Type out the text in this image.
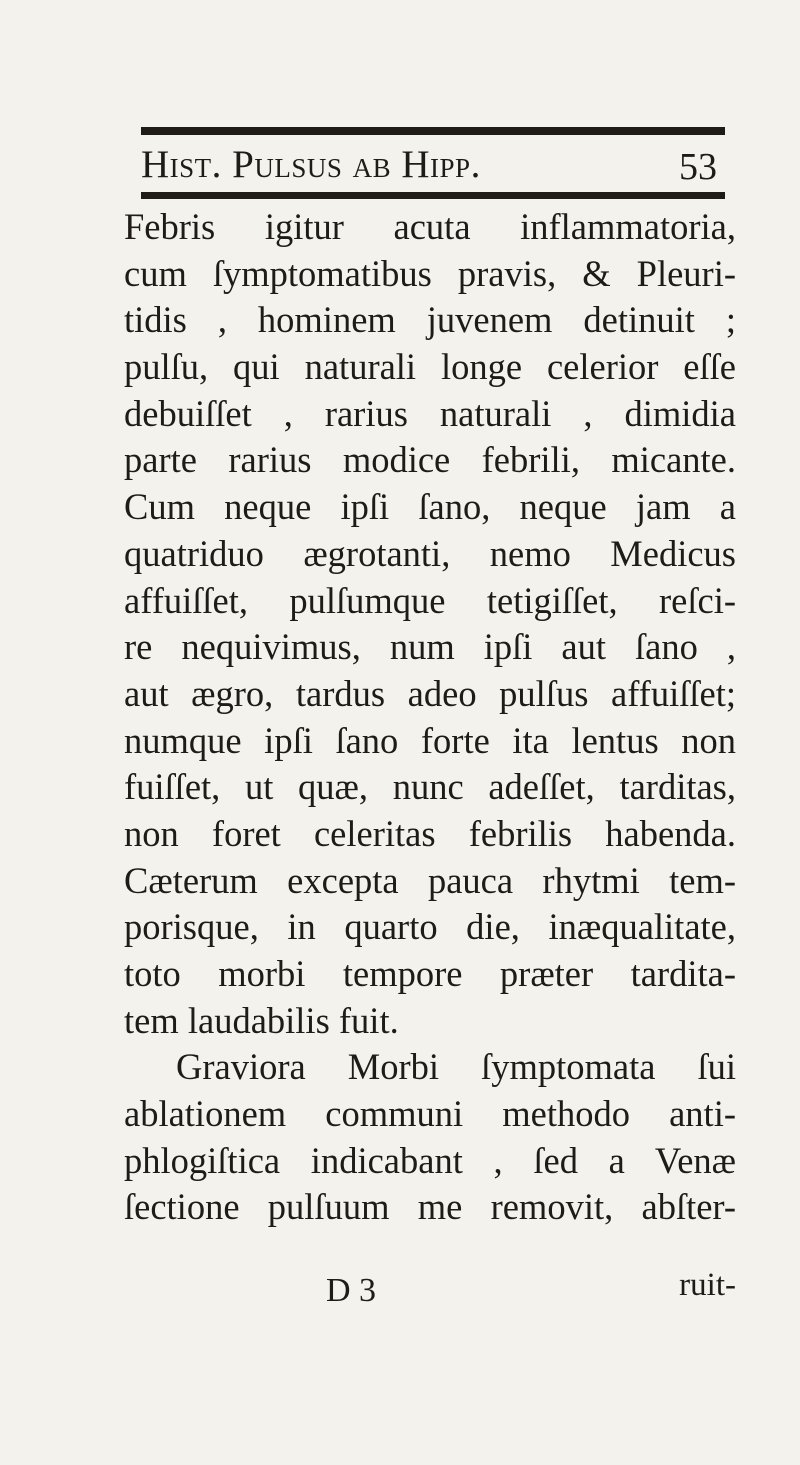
Hist. Pulsus ab Hipp.	53
Febris igitur acuta inflammatoria,
cum ſymptomatibus pravis, & Pleuri-
tidis , hominem juvenem detinuit ;
pulſu, qui naturali longe celerior eſſe
debuiſſet , rarius naturali , dimidia
parte rarius modice febrili, micante.
Cum neque ipſi ſano, neque jam a
quatriduo ægrotanti, nemo Medicus
affuiſſet, pulſumque tetigiſſet, reſci-
re nequivimus, num ipſi aut ſano ,
aut ægro, tardus adeo pulſus affuiſſet;
numque ipſi ſano forte ita lentus non
fuiſſet, ut quæ, nunc adeſſet, tarditas,
non foret celeritas febrilis habenda.
Cæterum excepta pauca rhytmi tem-
porisque, in quarto die, inæqualitate,
toto morbi tempore præter tardita-
tem laudabilis fuit.
Graviora Morbi ſymptomata ſui
ablationem communi methodo anti-
phlogiſtica indicabant , ſed a Venæ
ſectione pulſuum me removit, abſter-
D 3	ruit-
